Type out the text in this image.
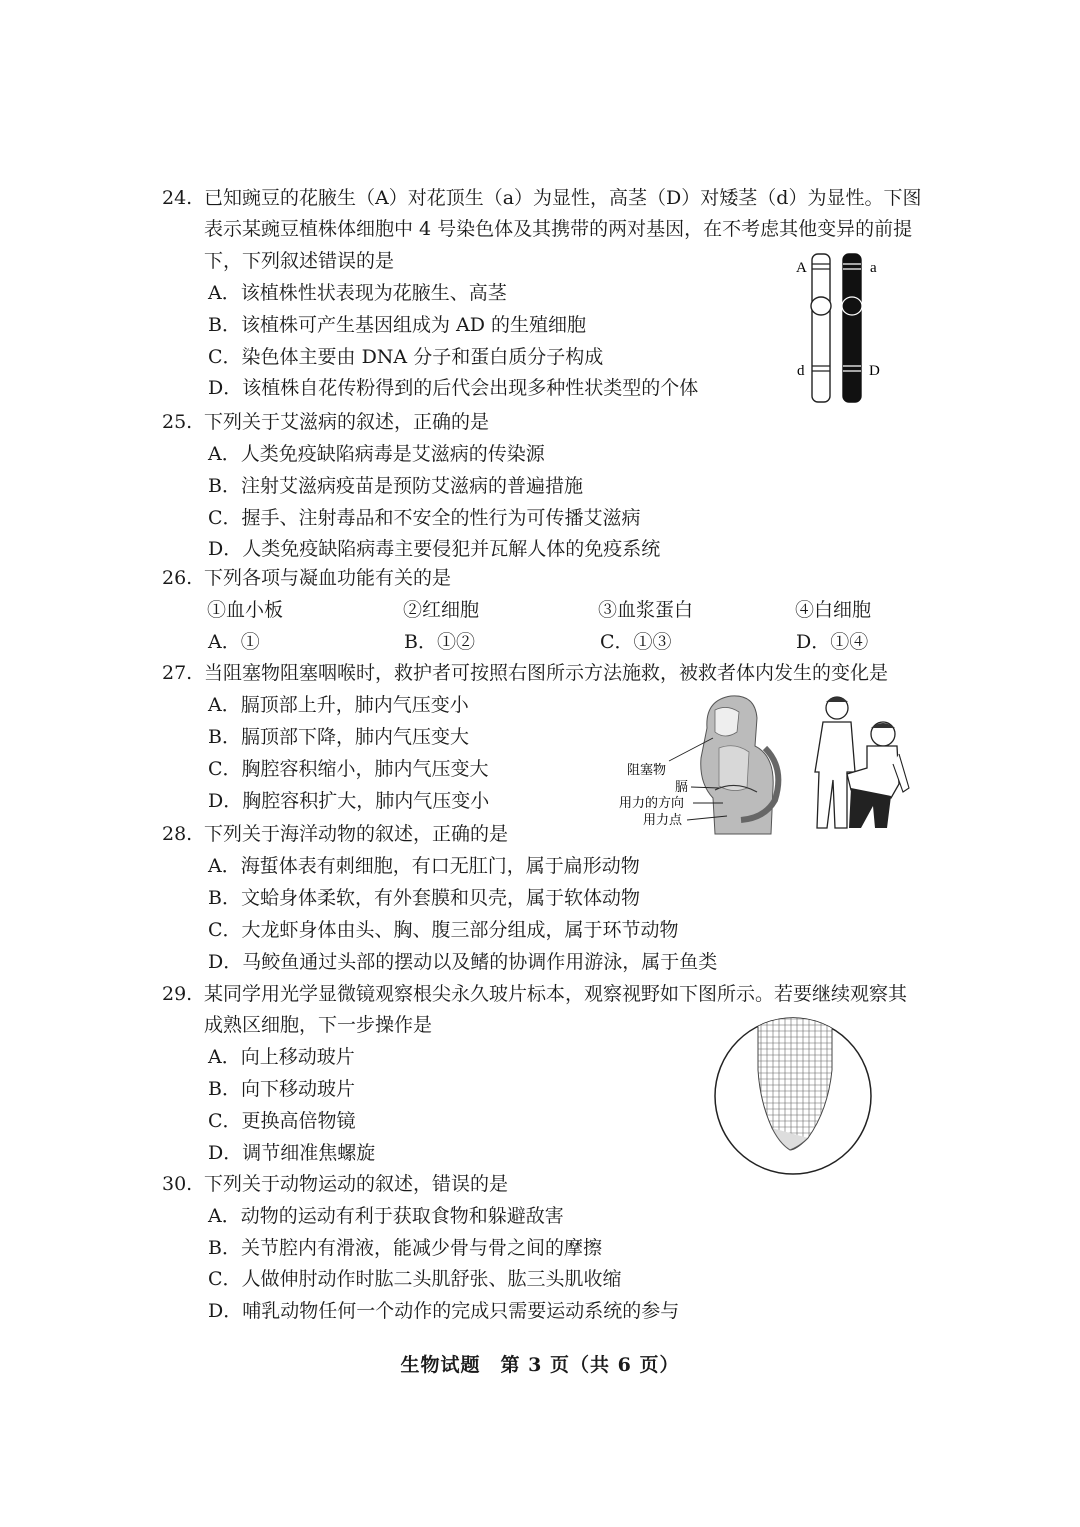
24. 已知豌豆的花腋生（A）对花顶生（a）为显性，高茎（D）对矮茎（d）为显性。下图
表示某豌豆植株体细胞中 4 号染色体及其携带的两对基因，在不考虑其他变异的前提
下，下列叙述错误的是
A．该植株性状表现为花腋生、高茎
B．该植株可产生基因组成为 AD 的生殖细胞
C．染色体主要由 DNA 分子和蛋白质分子构成
D．该植株自花传粉得到的后代会出现多种性状类型的个体
A	a
d	D
25. 下列关于艾滋病的叙述，正确的是
A．人类免疫缺陷病毒是艾滋病的传染源
B．注射艾滋病疫苗是预防艾滋病的普遍措施
C．握手、注射毒品和不安全的性行为可传播艾滋病
D．人类免疫缺陷病毒主要侵犯并瓦解人体的免疫系统
26. 下列各项与凝血功能有关的是
①血小板	②红细胞	③血浆蛋白	④白细胞
A．①	B．①②	C．①③	D．①④
27. 当阻塞物阻塞咽喉时，救护者可按照右图所示方法施救，被救者体内发生的变化是
A．膈顶部上升，肺内气压变小
B．膈顶部下降，肺内气压变大
C．胸腔容积缩小，肺内气压变大
D．胸腔容积扩大，肺内气压变小
阻塞物
膈
用力的方向
用力点
28. 下列关于海洋动物的叙述，正确的是
A．海蜇体表有刺细胞，有口无肛门，属于扁形动物
B．文蛤身体柔软，有外套膜和贝壳，属于软体动物
C．大龙虾身体由头、胸、腹三部分组成，属于环节动物
D．马鲛鱼通过头部的摆动以及鳍的协调作用游泳，属于鱼类
29. 某同学用光学显微镜观察根尖永久玻片标本，观察视野如下图所示。若要继续观察其
成熟区细胞，下一步操作是
A．向上移动玻片
B．向下移动玻片
C．更换高倍物镜
D．调节细准焦螺旋
30. 下列关于动物运动的叙述，错误的是
A．动物的运动有利于获取食物和躲避敌害
B．关节腔内有滑液，能减少骨与骨之间的摩擦
C．人做伸肘动作时肱二头肌舒张、肱三头肌收缩
D．哺乳动物任何一个动作的完成只需要运动系统的参与
生物试题　第 3 页（共 6 页）
